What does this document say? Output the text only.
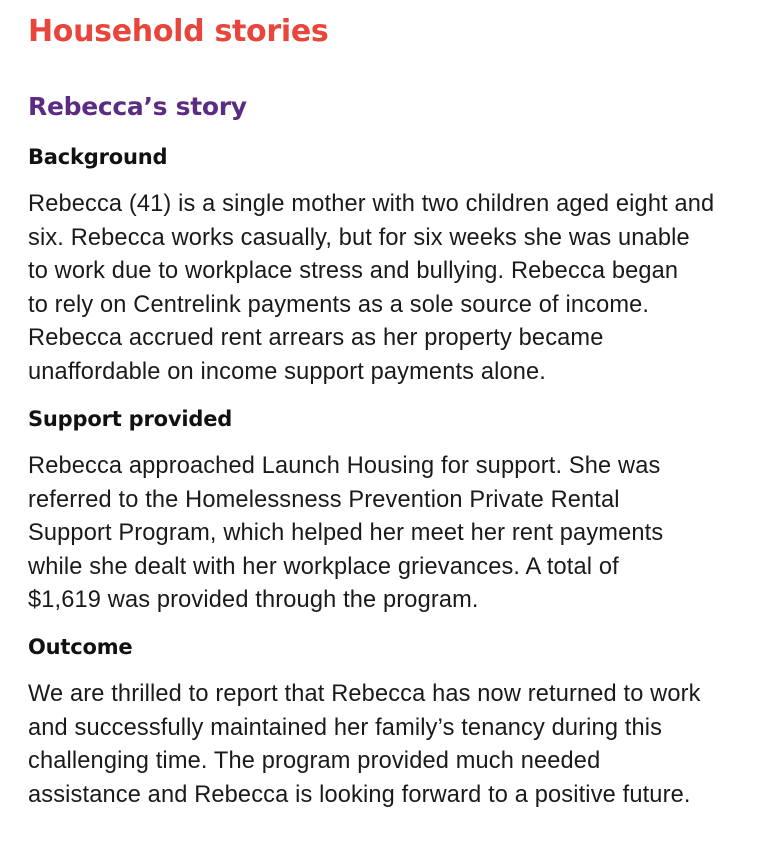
Household stories
Rebecca’s story
Background

Rebecca (41) is a single mother with two children aged eight and
six. Rebecca works casually, but for six weeks she was unable
to work due to workplace stress and bullying. Rebecca began
to rely on Centrelink payments as a sole source of income.
Rebecca accrued rent arrears as her property became
unaffordable on income support payments alone.

Support provided

Rebecca approached Launch Housing for support. She was
referred to the Homelessness Prevention Private Rental
Support Program, which helped her meet her rent payments
while she dealt with her workplace grievances. A total of
$1,619 was provided through the program.

Outcome

We are thrilled to report that Rebecca has now returned to work
and successfully maintained her family’s tenancy during this
challenging time. The program provided much needed
assistance and Rebecca is looking forward to a positive future.
